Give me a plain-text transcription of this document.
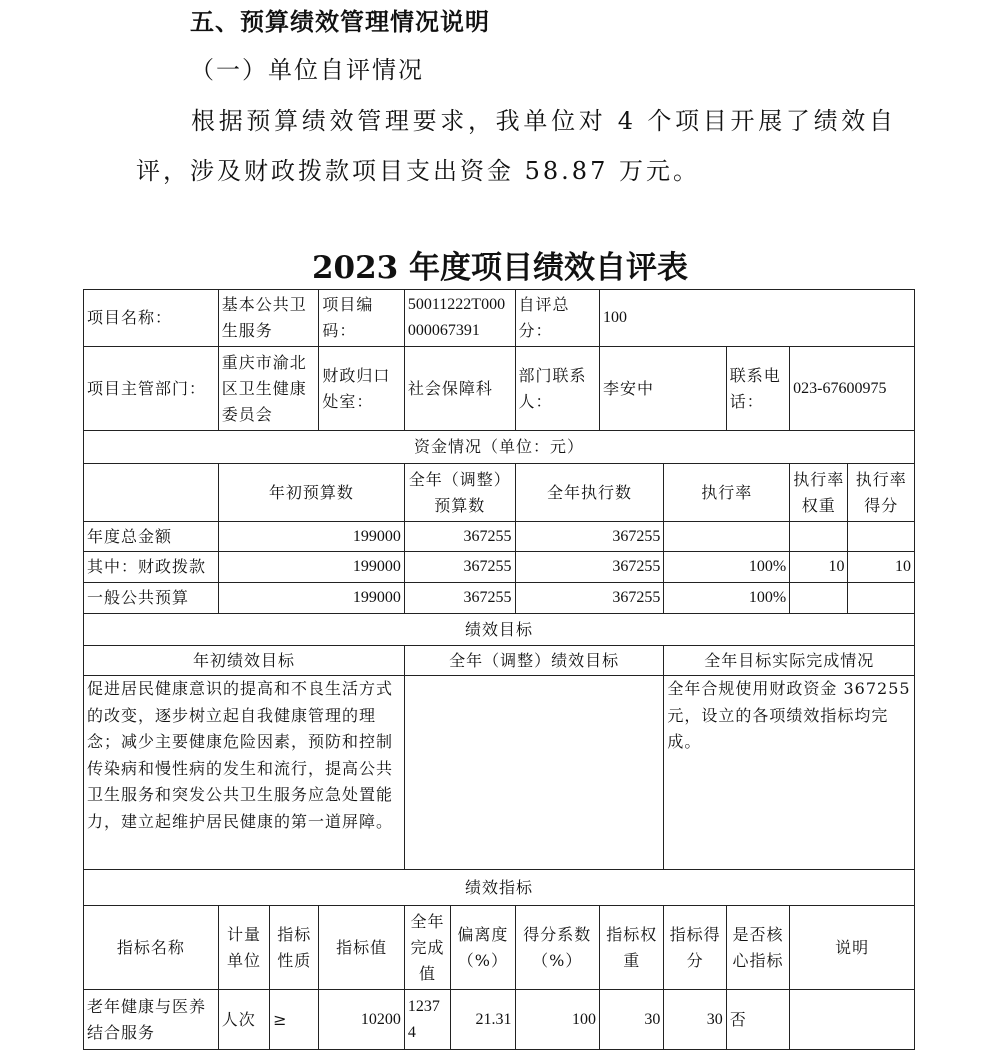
五、预算绩效管理情况说明
（一）单位自评情况
根据预算绩效管理要求，我单位对 4 个项目开展了绩效自评，涉及财政拨款项目支出资金 58.87 万元。
2023 年度项目绩效自评表
项目名称：	基本公共卫生服务		项目编码：	50011222T000000067391		自评总分：	100				
项目主管部门：	重庆市渝北区卫生健康委员会		财政归口处室：	社会保障科		部门联系人：	李安中		联系电话：	023-67600975	
资金情况（单位：元）											
	年初预算数			全年（调整）预算数		全年执行数		执行率		执行率权重	执行率得分
年度总金额	199000			367255		367255					
其中：财政拨款	199000			367255		367255		100%		10	10
一般公共预算	199000			367255		367255		100%			
绩效目标											
年初绩效目标				全年（调整）绩效目标				全年目标实际完成情况			
促进居民健康意识的提高和不良生活方式的改变，逐步树立起自我健康管理的理念；减少主要健康危险因素，预防和控制传染病和慢性病的发生和流行，提高公共卫生服务和突发公共卫生服务应急处置能力，建立起维护居民健康的第一道屏障。								全年合规使用财政资金 367255 元，设立的各项绩效指标均完成。			
绩效指标											
指标名称	计量单位	指标性质	指标值	全年完成值	偏离度（%）	得分系数（%）	指标权重	指标得分	是否核心指标	说明	
老年健康与医养结合服务	人次	≥	10200	12374	21.31	100	30	30	否		
